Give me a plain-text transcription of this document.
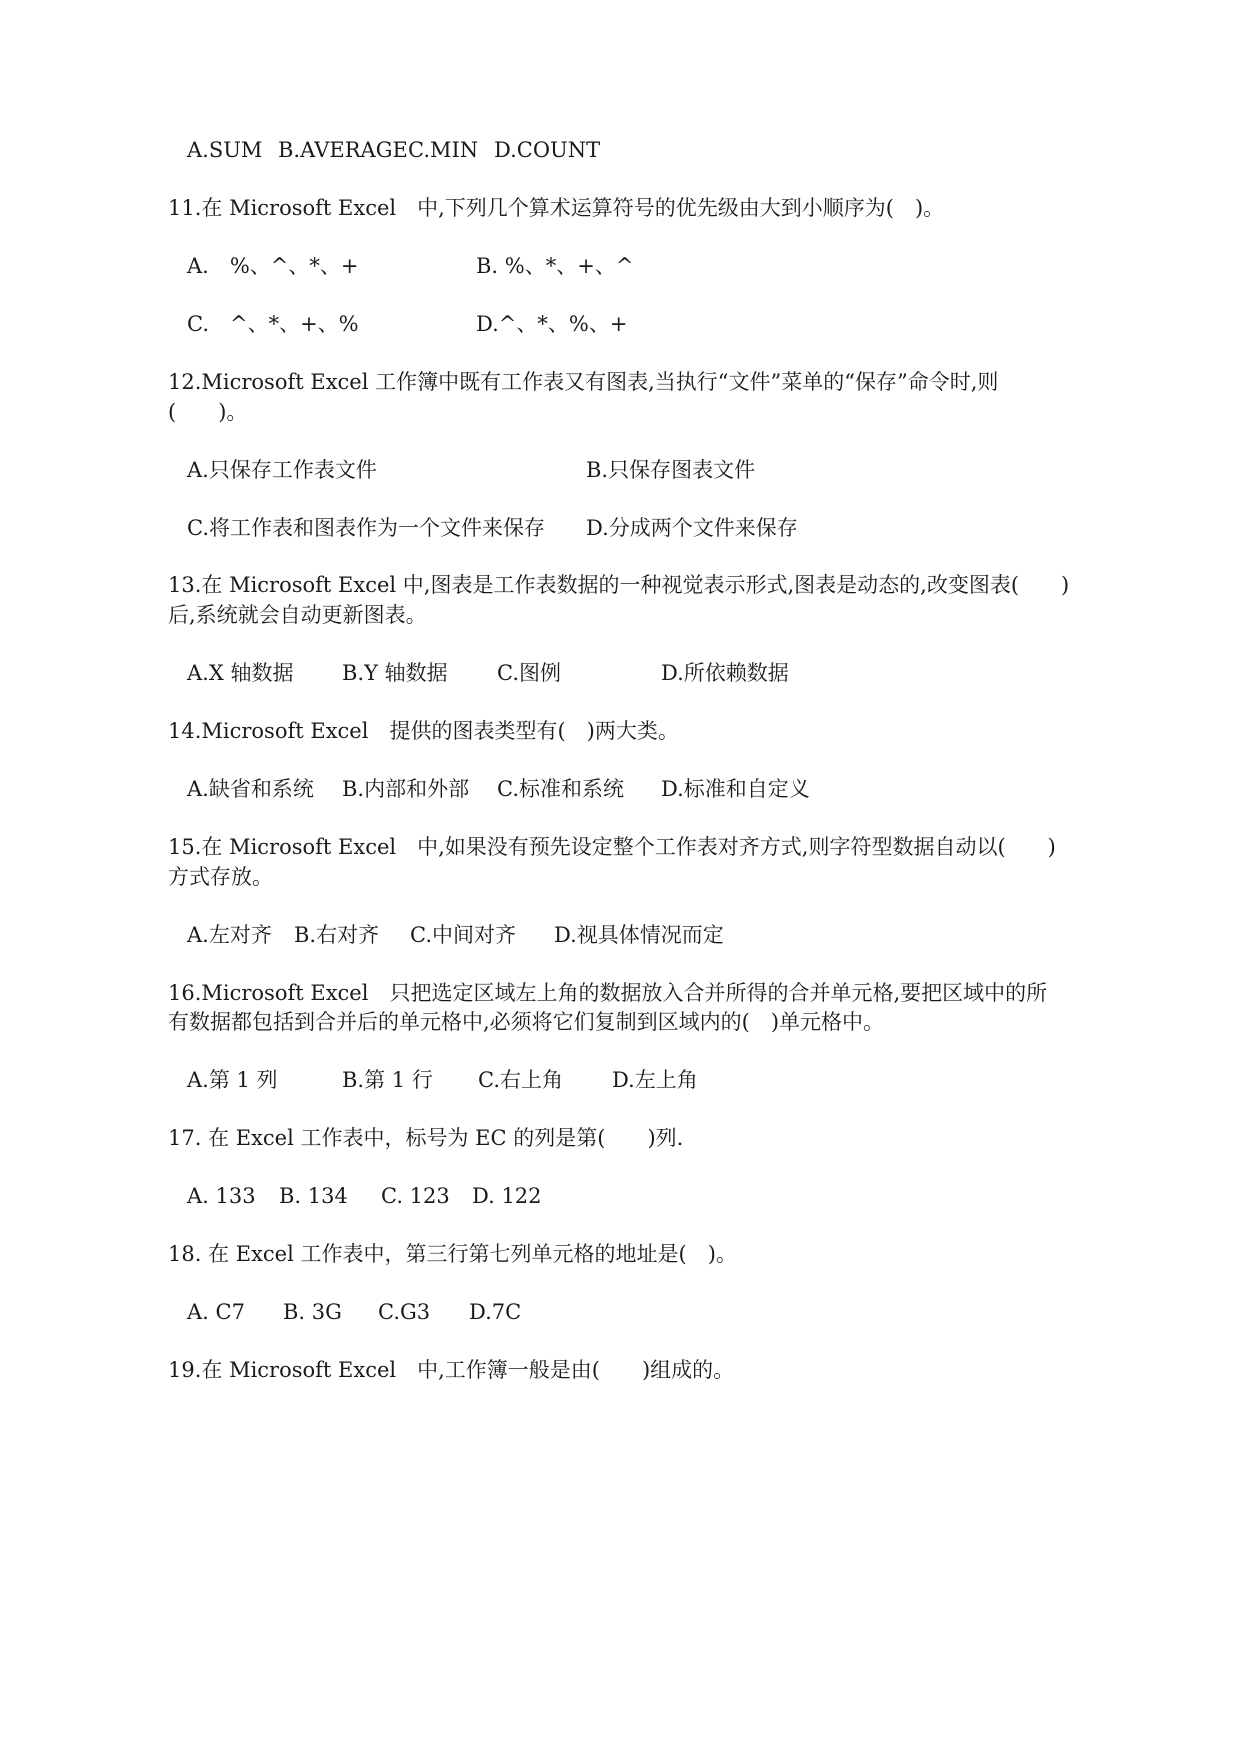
A.SUM B.AVERAGE C.MIN D.COUNT
11.在 Microsoft Excel　中,下列几个算术运算符号的优先级由大到小顺序为(　)。
A.　%、^、*、+	B. %、*、+、^
C.　^、*、+、%	D.^、*、%、+
12.Microsoft Excel 工作簿中既有工作表又有图表,当执行“文件”菜单的“保存”命令时,则
(　　)。
A.只保存工作表文件	B.只保存图表文件
C.将工作表和图表作为一个文件来保存 D.分成两个文件来保存
13.在 Microsoft Excel 中,图表是工作表数据的一种视觉表示形式,图表是动态的,改变图表(　　)
后,系统就会自动更新图表。
A.X 轴数据 B.Y 轴数据 C.图例	D.所依赖数据
14.Microsoft Excel　提供的图表类型有(　)两大类。
A.缺省和系统 B.内部和外部 C.标准和系统 D.标准和自定义
15.在 Microsoft Excel　中,如果没有预先设定整个工作表对齐方式,则字符型数据自动以(　　)
方式存放。
A.左对齐 B.右对齐 C.中间对齐 D.视具体情况而定
16.Microsoft Excel　只把选定区域左上角的数据放入合并所得的合并单元格,要把区域中的所
有数据都包括到合并后的单元格中,必须将它们复制到区域内的(　)单元格中。
A.第 1 列	B.第 1 行 C.右上角 D.左上角
17. 在 Excel 工作表中，标号为 EC 的列是第(　　)列.
A. 133 B. 134 C. 123 D. 122
18. 在 Excel 工作表中，第三行第七列单元格的地址是(　)。
A. C7 B. 3G C.G3 D.7C
19.在 Microsoft Excel　中,工作簿一般是由(　　)组成的。
